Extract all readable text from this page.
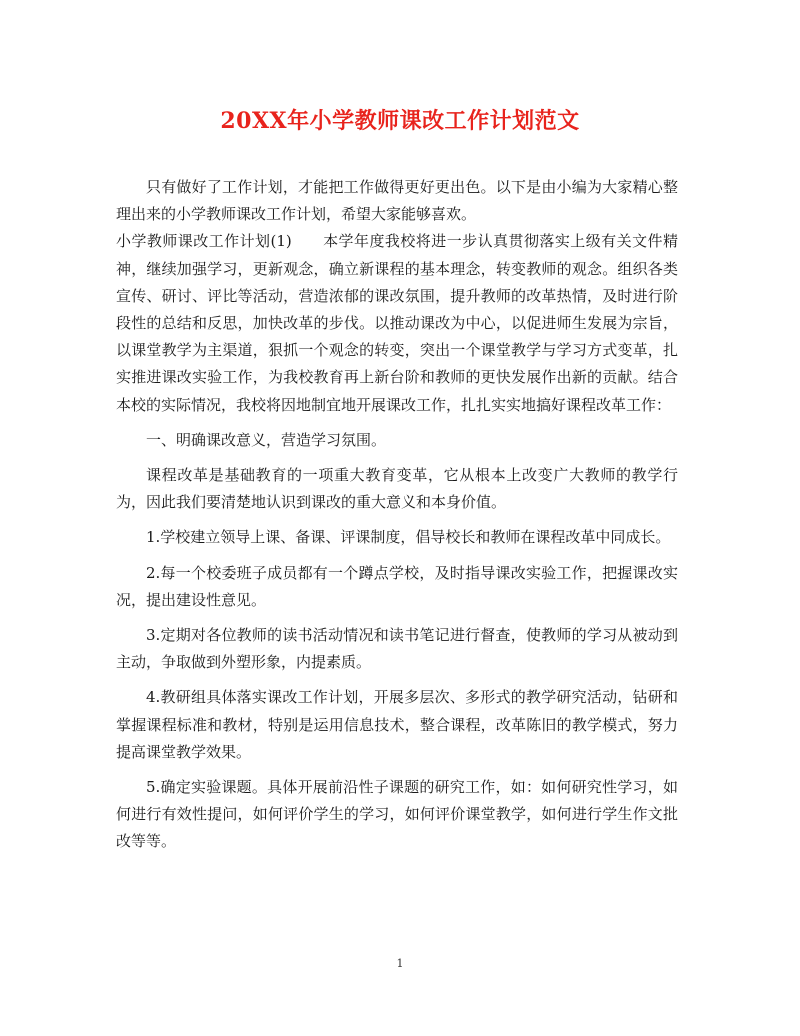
20XX年小学教师课改工作计划范文

只有做好了工作计划，才能把工作做得更好更出色。以下是由小编为大家精心整理出来的小学教师课改工作计划，希望大家能够喜欢。

小学教师课改工作计划(1)　　本学年度我校将进一步认真贯彻落实上级有关文件精神，继续加强学习，更新观念，确立新课程的基本理念，转变教师的观念。组织各类宣传、研讨、评比等活动，营造浓郁的课改氛围，提升教师的改革热情，及时进行阶段性的总结和反思，加快改革的步伐。以推动课改为中心，以促进师生发展为宗旨，以课堂教学为主渠道，狠抓一个观念的转变，突出一个课堂教学与学习方式变革，扎实推进课改实验工作，为我校教育再上新台阶和教师的更快发展作出新的贡献。结合本校的实际情况，我校将因地制宜地开展课改工作，扎扎实实地搞好课程改革工作：

一、明确课改意义，营造学习氛围。

课程改革是基础教育的一项重大教育变革，它从根本上改变广大教师的教学行为，因此我们要清楚地认识到课改的重大意义和本身价值。

1.学校建立领导上课、备课、评课制度，倡导校长和教师在课程改革中同成长。

2.每一个校委班子成员都有一个蹲点学校，及时指导课改实验工作，把握课改实况，提出建设性意见。

3.定期对各位教师的读书活动情况和读书笔记进行督查，使教师的学习从被动到主动，争取做到外塑形象，内提素质。

4.教研组具体落实课改工作计划，开展多层次、多形式的教学研究活动，钻研和掌握课程标准和教材，特别是运用信息技术，整合课程，改革陈旧的教学模式，努力提高课堂教学效果。

5.确定实验课题。具体开展前沿性子课题的研究工作，如：如何研究性学习，如何进行有效性提问，如何评价学生的学习，如何评价课堂教学，如何进行学生作文批改等等。

1
